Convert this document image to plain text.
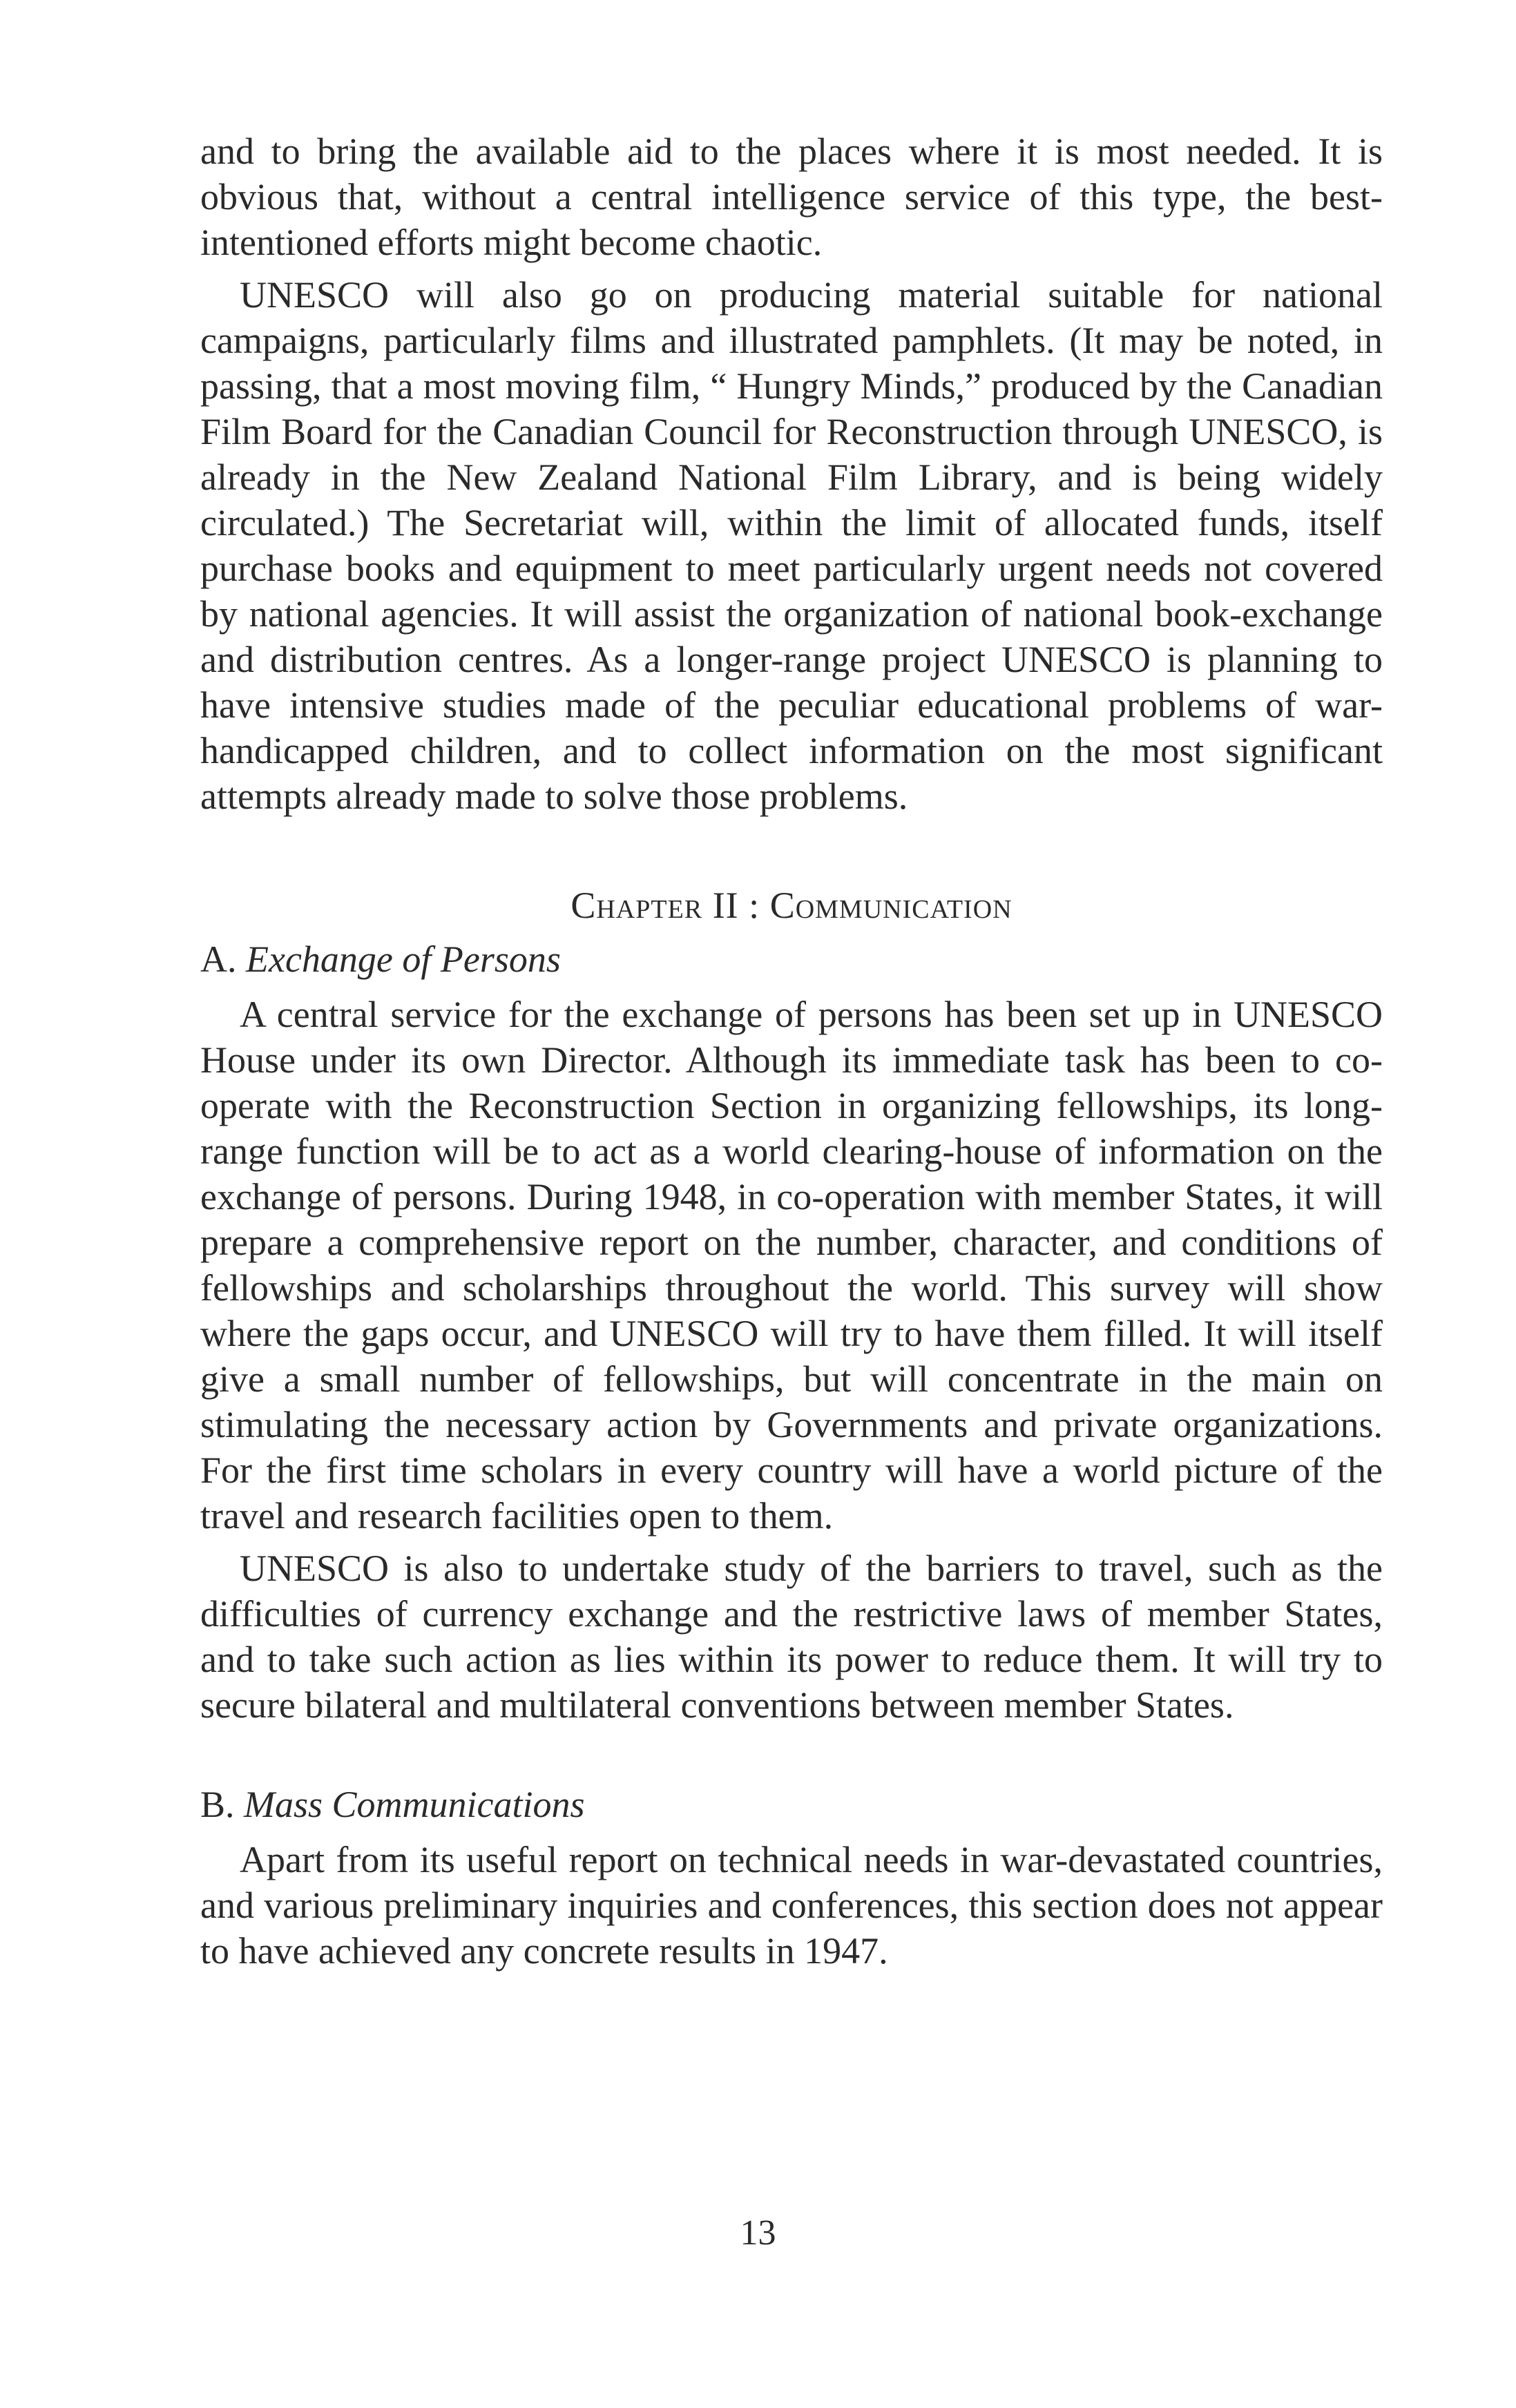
and to bring the available aid to the places where it is most needed. It is obvious that, without a central intelligence service of this type, the best-intentioned efforts might become chaotic.

UNESCO will also go on producing material suitable for national campaigns, particularly films and illustrated pamphlets. (It may be noted, in passing, that a most moving film, “ Hungry Minds,” produced by the Canadian Film Board for the Canadian Council for Reconstruction through UNESCO, is already in the New Zealand National Film Library, and is being widely circulated.) The Secretariat will, within the limit of allocated funds, itself purchase books and equipment to meet particularly urgent needs not covered by national agencies. It will assist the organization of national book-exchange and distribution centres. As a longer-range project UNESCO is planning to have intensive studies made of the peculiar educational problems of war-handicapped children, and to collect information on the most significant attempts already made to solve those problems.

Chapter II : Communication
A. Exchange of Persons

A central service for the exchange of persons has been set up in UNESCO House under its own Director. Although its immediate task has been to co-operate with the Reconstruction Section in organizing fellowships, its long-range function will be to act as a world clearing-house of information on the exchange of persons. During 1948, in co-operation with member States, it will prepare a comprehensive report on the number, character, and conditions of fellowships and scholarships throughout the world. This survey will show where the gaps occur, and UNESCO will try to have them filled. It will itself give a small number of fellowships, but will concentrate in the main on stimulating the necessary action by Governments and private organizations. For the first time scholars in every country will have a world picture of the travel and research facilities open to them.

UNESCO is also to undertake study of the barriers to travel, such as the difficulties of currency exchange and the restrictive laws of member States, and to take such action as lies within its power to reduce them. It will try to secure bilateral and multilateral conventions between member States.

B. Mass Communications

Apart from its useful report on technical needs in war-devastated countries, and various preliminary inquiries and conferences, this section does not appear to have achieved any concrete results in 1947.

13
